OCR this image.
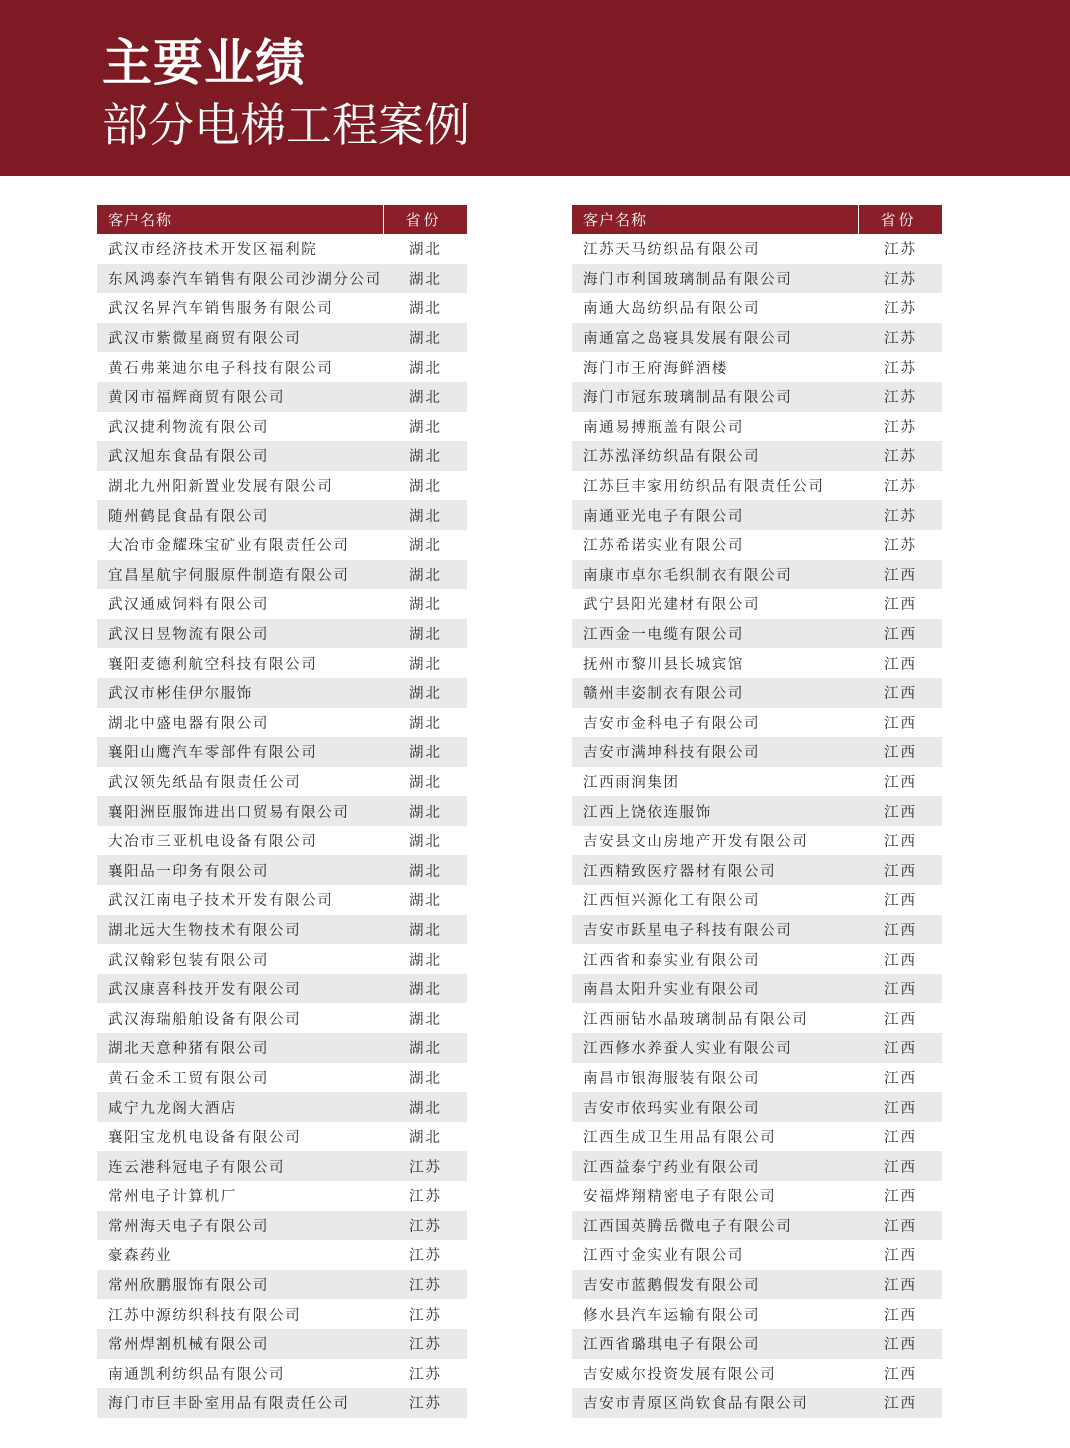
主要业绩
部分电梯工程案例
客户名称	省份
武汉市经济技术开发区福利院	湖北
东风鸿泰汽车销售有限公司沙湖分公司	湖北
武汉名昇汽车销售服务有限公司	湖北
武汉市紫微星商贸有限公司	湖北
黄石弗莱迪尔电子科技有限公司	湖北
黄冈市福辉商贸有限公司	湖北
武汉捷利物流有限公司	湖北
武汉旭东食品有限公司	湖北
湖北九州阳新置业发展有限公司	湖北
随州鹤昆食品有限公司	湖北
大冶市金耀珠宝矿业有限责任公司	湖北
宜昌星航宇伺服原件制造有限公司	湖北
武汉通威饲料有限公司	湖北
武汉日昱物流有限公司	湖北
襄阳麦德利航空科技有限公司	湖北
武汉市彬佳伊尔服饰	湖北
湖北中盛电器有限公司	湖北
襄阳山鹰汽车零部件有限公司	湖北
武汉领先纸品有限责任公司	湖北
襄阳洲臣服饰进出口贸易有限公司	湖北
大冶市三亚机电设备有限公司	湖北
襄阳品一印务有限公司	湖北
武汉江南电子技术开发有限公司	湖北
湖北远大生物技术有限公司	湖北
武汉翰彩包装有限公司	湖北
武汉康喜科技开发有限公司	湖北
武汉海瑞船舶设备有限公司	湖北
湖北天意种猪有限公司	湖北
黄石金禾工贸有限公司	湖北
咸宁九龙阁大酒店	湖北
襄阳宝龙机电设备有限公司	湖北
连云港科冠电子有限公司	江苏
常州电子计算机厂	江苏
常州海天电子有限公司	江苏
豪森药业	江苏
常州欣鹏服饰有限公司	江苏
江苏中源纺织科技有限公司	江苏
常州焊割机械有限公司	江苏
南通凯利纺织品有限公司	江苏
海门市巨丰卧室用品有限责任公司	江苏
客户名称	省份
江苏天马纺织品有限公司	江苏
海门市利国玻璃制品有限公司	江苏
南通大岛纺织品有限公司	江苏
南通富之岛寝具发展有限公司	江苏
海门市王府海鲜酒楼	江苏
海门市冠东玻璃制品有限公司	江苏
南通易搏瓶盖有限公司	江苏
江苏泓泽纺织品有限公司	江苏
江苏巨丰家用纺织品有限责任公司	江苏
南通亚光电子有限公司	江苏
江苏希诺实业有限公司	江苏
南康市卓尔毛织制衣有限公司	江西
武宁县阳光建材有限公司	江西
江西金一电缆有限公司	江西
抚州市黎川县长城宾馆	江西
赣州丰姿制衣有限公司	江西
吉安市金科电子有限公司	江西
吉安市满坤科技有限公司	江西
江西雨润集团	江西
江西上饶依连服饰	江西
吉安县文山房地产开发有限公司	江西
江西精致医疗器材有限公司	江西
江西恒兴源化工有限公司	江西
吉安市跃星电子科技有限公司	江西
江西省和泰实业有限公司	江西
南昌太阳升实业有限公司	江西
江西丽钻水晶玻璃制品有限公司	江西
江西修水养蚕人实业有限公司	江西
南昌市银海服装有限公司	江西
吉安市依玛实业有限公司	江西
江西生成卫生用品有限公司	江西
江西益泰宁药业有限公司	江西
安福烨翔精密电子有限公司	江西
江西国英腾岳微电子有限公司	江西
江西寸金实业有限公司	江西
吉安市蓝鹅假发有限公司	江西
修水县汽车运输有限公司	江西
江西省璐琪电子有限公司	江西
吉安威尔投资发展有限公司	江西
吉安市青原区尚钦食品有限公司	江西
